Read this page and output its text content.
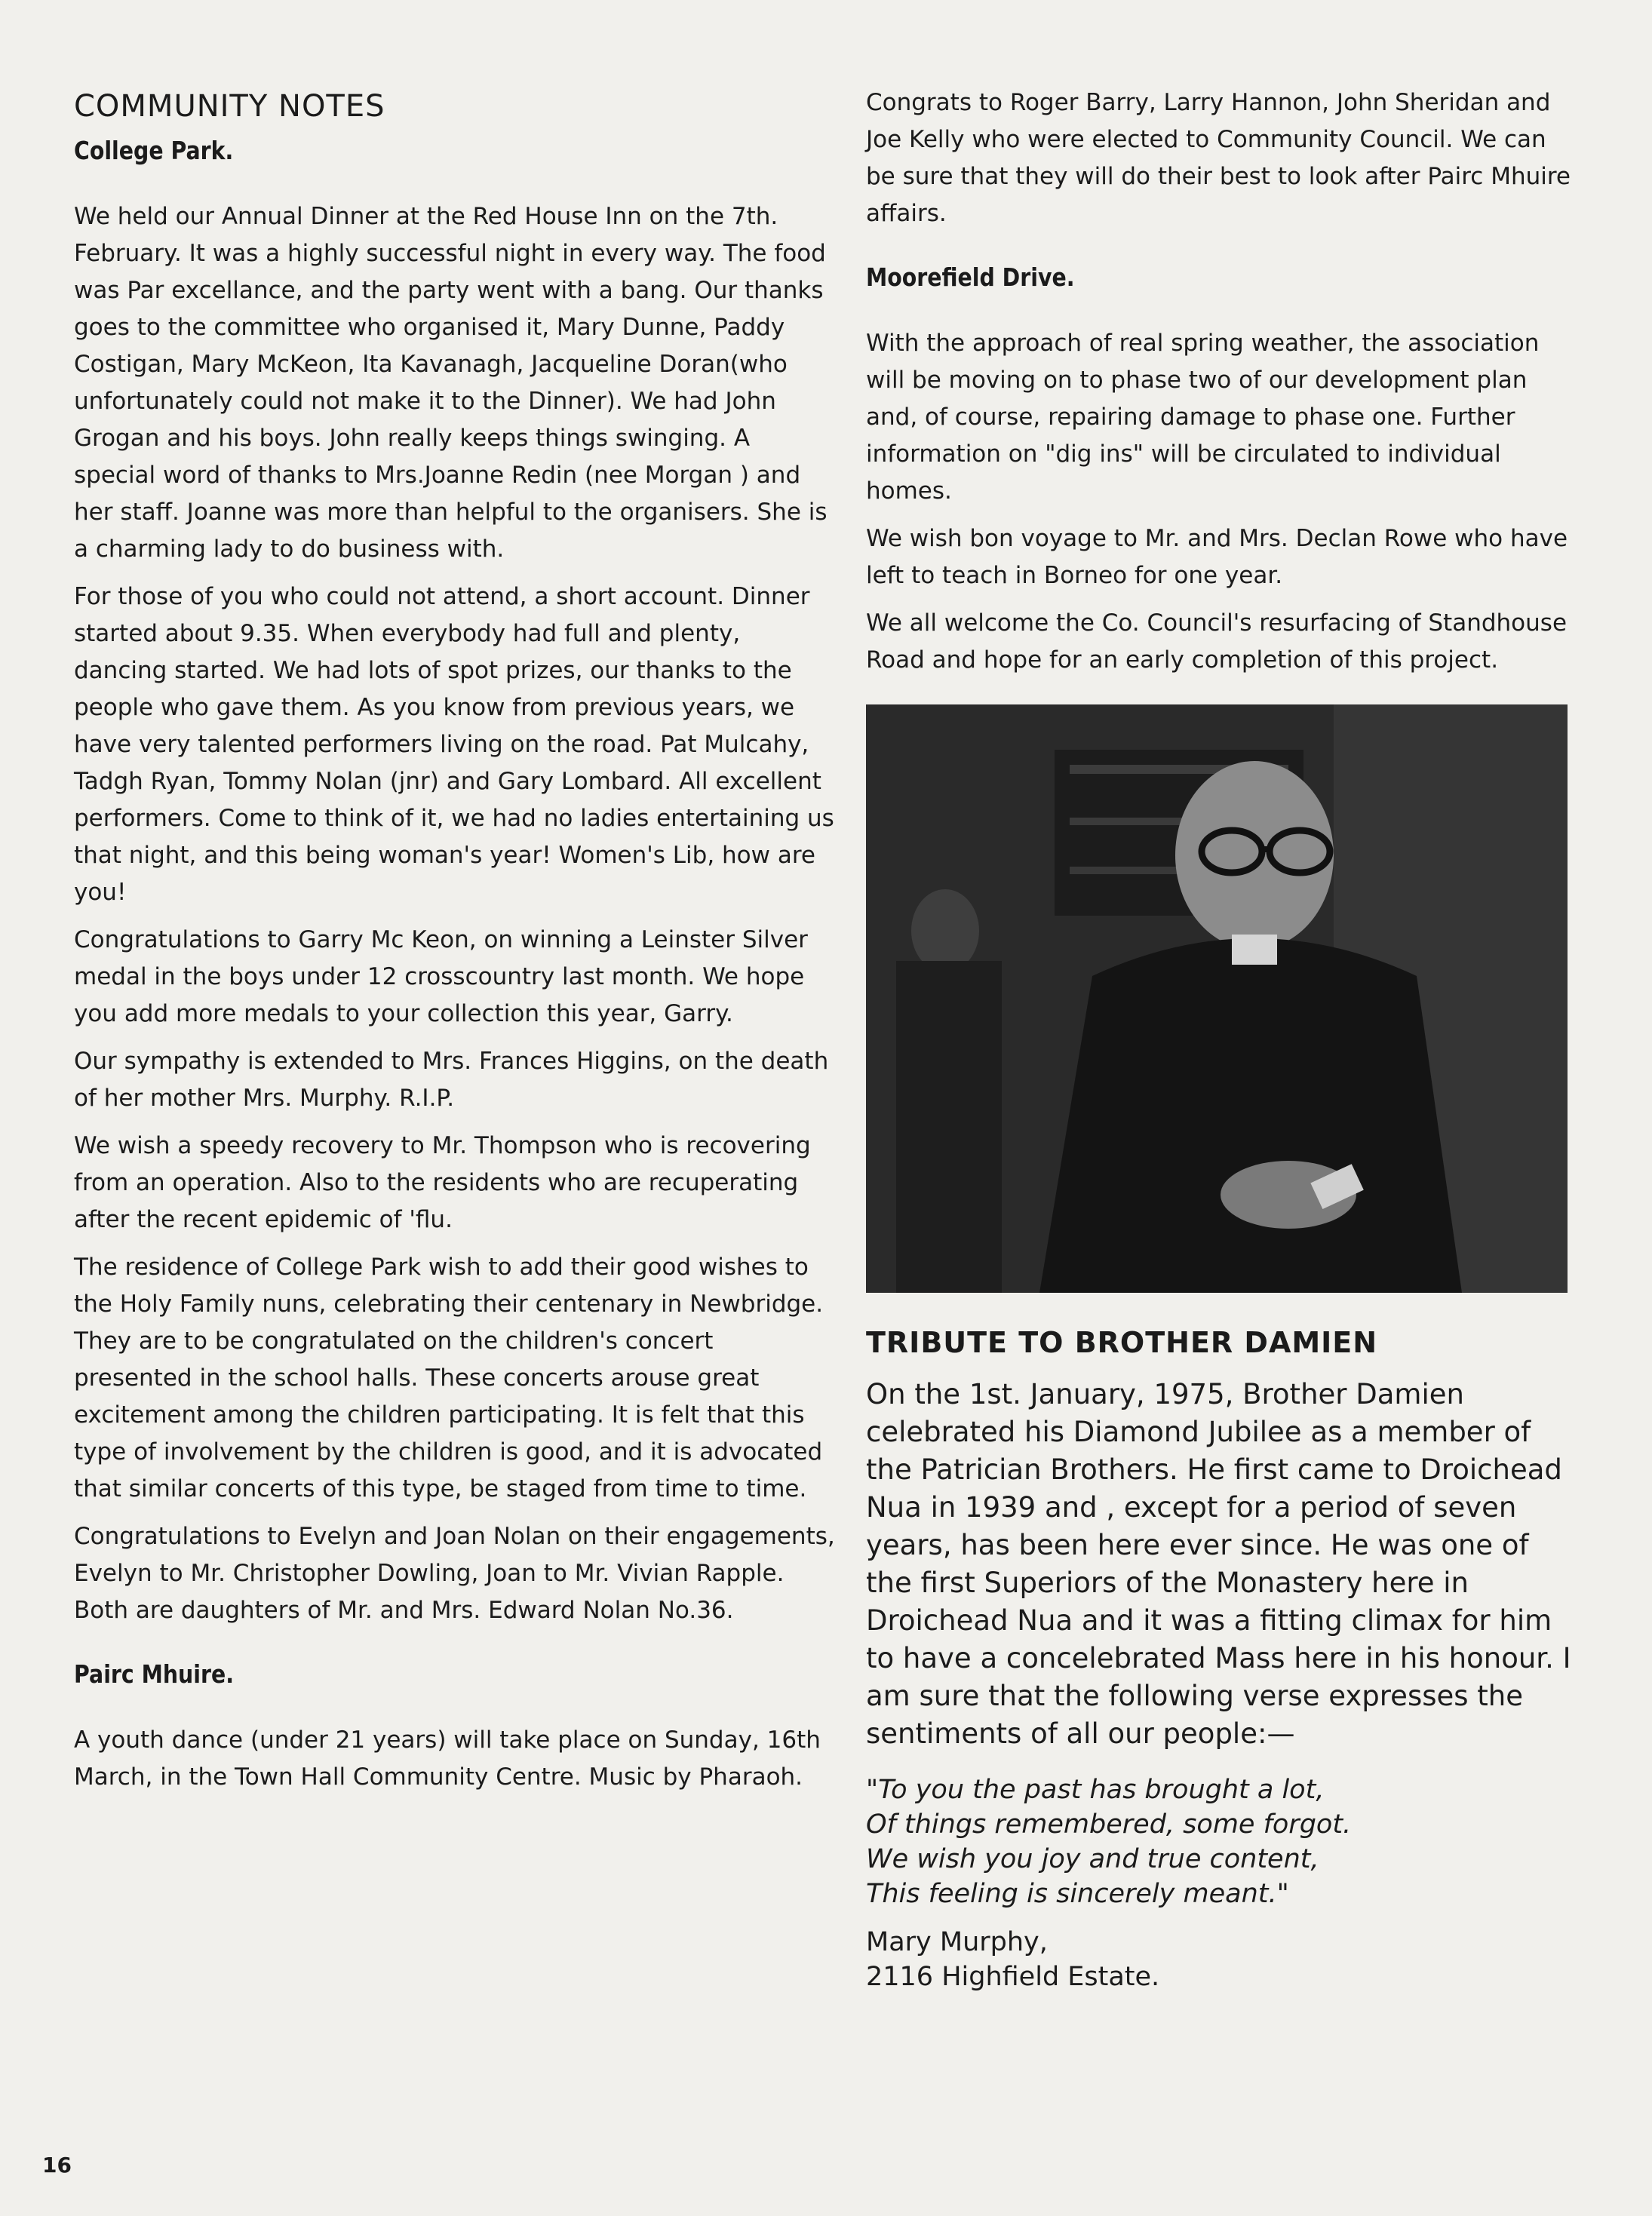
COMMUNITY NOTES
College Park.

We held our Annual Dinner at the Red House Inn on the 7th. February. It was a highly successful night in every way. The food was Par excellance, and the party went with a bang. Our thanks goes to the committee who organised it, Mary Dunne, Paddy Costigan, Mary McKeon, Ita Kavanagh, Jacqueline Doran(who unfortunately could not make it to the Dinner). We had John Grogan and his boys. John really keeps things swinging. A special word of thanks to Mrs.Joanne Redin (nee Morgan ) and her staff. Joanne was more than helpful to the organisers. She is a charming lady to do business with.

For those of you who could not attend, a short account. Dinner started about 9.35. When everybody had full and plenty, dancing started. We had lots of spot prizes, our thanks to the people who gave them. As you know from previous years, we have very talented performers living on the road. Pat Mulcahy, Tadgh Ryan, Tommy Nolan (jnr) and Gary Lombard. All excellent performers. Come to think of it, we had no ladies entertaining us that night, and this being woman's year! Women's Lib, how are you!

Congratulations to Garry Mc Keon, on winning a Leinster Silver medal in the boys under 12 crosscountry last month. We hope you add more medals to your collection this year, Garry.

Our sympathy is extended to Mrs. Frances Higgins, on the death of her mother Mrs. Murphy. R.I.P.

We wish a speedy recovery to Mr. Thompson who is recovering from an operation. Also to the residents who are recuperating after the recent epidemic of 'flu.

The residence of College Park wish to add their good wishes to the Holy Family nuns, celebrating their centenary in Newbridge. They are to be congratulated on the children's concert presented in the school halls. These concerts arouse great excitement among the children participating. It is felt that this type of involvement by the children is good, and it is advocated that similar concerts of this type, be staged from time to time.

Congratulations to Evelyn and Joan Nolan on their engagements, Evelyn to Mr. Christopher Dowling, Joan to Mr. Vivian Rapple. Both are daughters of Mr. and Mrs. Edward Nolan No.36.

Pairc Mhuire.

A youth dance (under 21 years) will take place on Sunday, 16th March, in the Town Hall Community Centre. Music by Pharaoh.

Congrats to Roger Barry, Larry Hannon, John Sheridan and Joe Kelly who were elected to Community Council. We can be sure that they will do their best to look after Pairc Mhuire affairs.

Moorefield Drive.

With the approach of real spring weather, the association will be moving on to phase two of our development plan and, of course, repairing damage to phase one. Further information on "dig ins" will be circulated to individual homes.

We wish bon voyage to Mr. and Mrs. Declan Rowe who have left to teach in Borneo for one year.

We all welcome the Co. Council's resurfacing of Standhouse Road and hope for an early completion of this project.

TRIBUTE TO BROTHER DAMIEN

On the 1st. January, 1975, Brother Damien celebrated his Diamond Jubilee as a member of the Patrician Brothers. He first came to Droichead Nua in 1939 and , except for a period of seven years, has been here ever since. He was one of the first Superiors of the Monastery here in Droichead Nua and it was a fitting climax for him to have a concelebrated Mass here in his honour. I am sure that the following verse expresses the sentiments of all our people:—

"To you the past has brought a lot,
Of things remembered, some forgot.
We wish you joy and true content,
This feeling is sincerely meant."
Mary Murphy,
2116 Highfield Estate.
16
